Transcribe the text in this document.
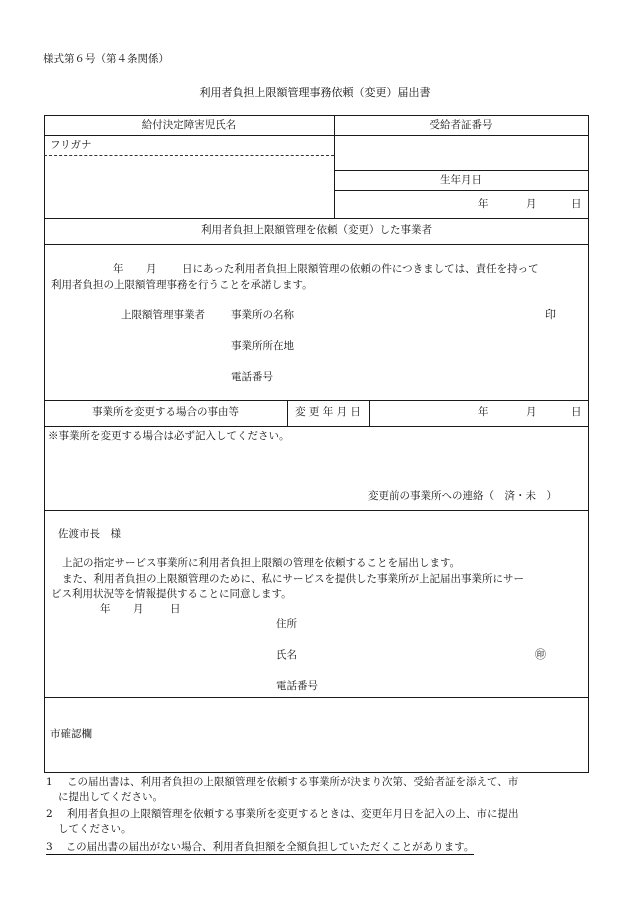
様式第６号（第４条関係）
利用者負担上限額管理事務依頼（変更）届出書
給付決定障害児氏名	受給者証番号
フリガナ
生年月日
年	月	日
利用者負担上限額管理を依頼（変更）した事業者
年 月 日にあった利用者負担上限額管理の依頼の件につきましては、責任を持って
利用者負担の上限額管理事務を行うことを承諾します。
上限額管理事業者 事業所の名称	印
事業所所在地
電話番号
事業所を変更する場合の事由等	変 更 年 月 日	年	月	日
※事業所を変更する場合は必ず記入してください。
変更前の事業所への連絡（　済・未　）
佐渡市長　様
上記の指定サービス事業所に利用者負担上限額の管理を依頼することを届出します。
また、利用者負担の上限額管理のために、私にサービスを提供した事業所が上記届出事業所にサー
ビス利用状況等を情報提供することに同意します。
年 月	日
住所
氏名	㊞
電話番号
市確認欄
1 この届出書は、利用者負担の上限額管理を依頼する事業所が決まり次第、受給者証を添えて、市
に提出してください。
2 利用者負担の上限額管理を依頼する事業所を変更するときは、変更年月日を記入の上、市に提出
してください。
3 この届出書の届出がない場合、利用者負担額を全額負担していただくことがあります。
